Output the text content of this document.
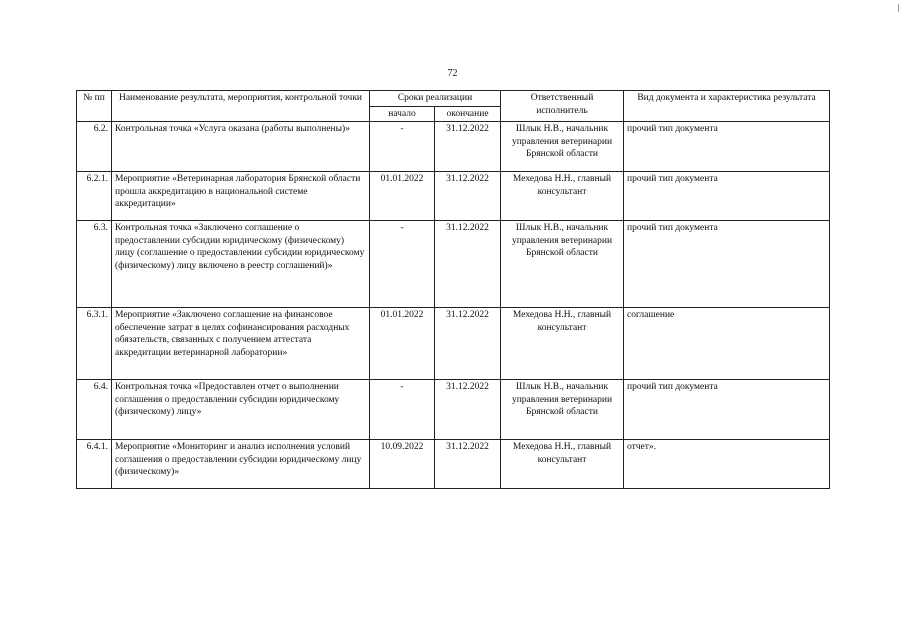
72
№ пп	Наименование результата, мероприятия, контрольной точки	Сроки реализации		Ответственный исполнитель	Вид документа и характеристика результата
		начало	окончание		
6.2.	Контрольная точка «Услуга оказана (работы выполнены)»	-	31.12.2022	Шлык Н.В., начальник управления ветеринарии Брянской области	прочий тип документа
6.2.1.	Мероприятие «Ветеринарная лаборатория Брянской области прошла аккредитацию в национальной системе аккредитации»	01.01.2022	31.12.2022	Мехедова Н.Н., главный консультант	прочий тип документа
6.3.	Контрольная точка «Заключено соглашение о предоставлении субсидии юридическому (физическому) лицу (соглашение о предоставлении субсидии юридическому (физическому) лицу включено в реестр соглашений)»	-	31.12.2022	Шлык Н.В., начальник управления ветеринарии Брянской области	прочий тип документа
6.3.1.	Мероприятие «Заключено соглашение на финансовое обеспечение затрат в целях софинансирования расходных обязательств, связанных с получением аттестата аккредитации ветеринарной лаборатории»	01.01.2022	31.12.2022	Мехедова Н.Н., главный консультант	соглашение
6.4.	Контрольная точка «Предоставлен отчет о выполнении соглашения о предоставлении субсидии юридическому (физическому) лицу»	-	31.12.2022	Шлык Н.В., начальник управления ветеринарии Брянской области	прочий тип документа
6.4.1.	Мероприятие «Мониторинг и анализ исполнения условий соглашения о предоставлении субсидии юридическому лицу (физическому)»	10.09.2022	31.12.2022	Мехедова Н.Н., главный консультант	отчет».
